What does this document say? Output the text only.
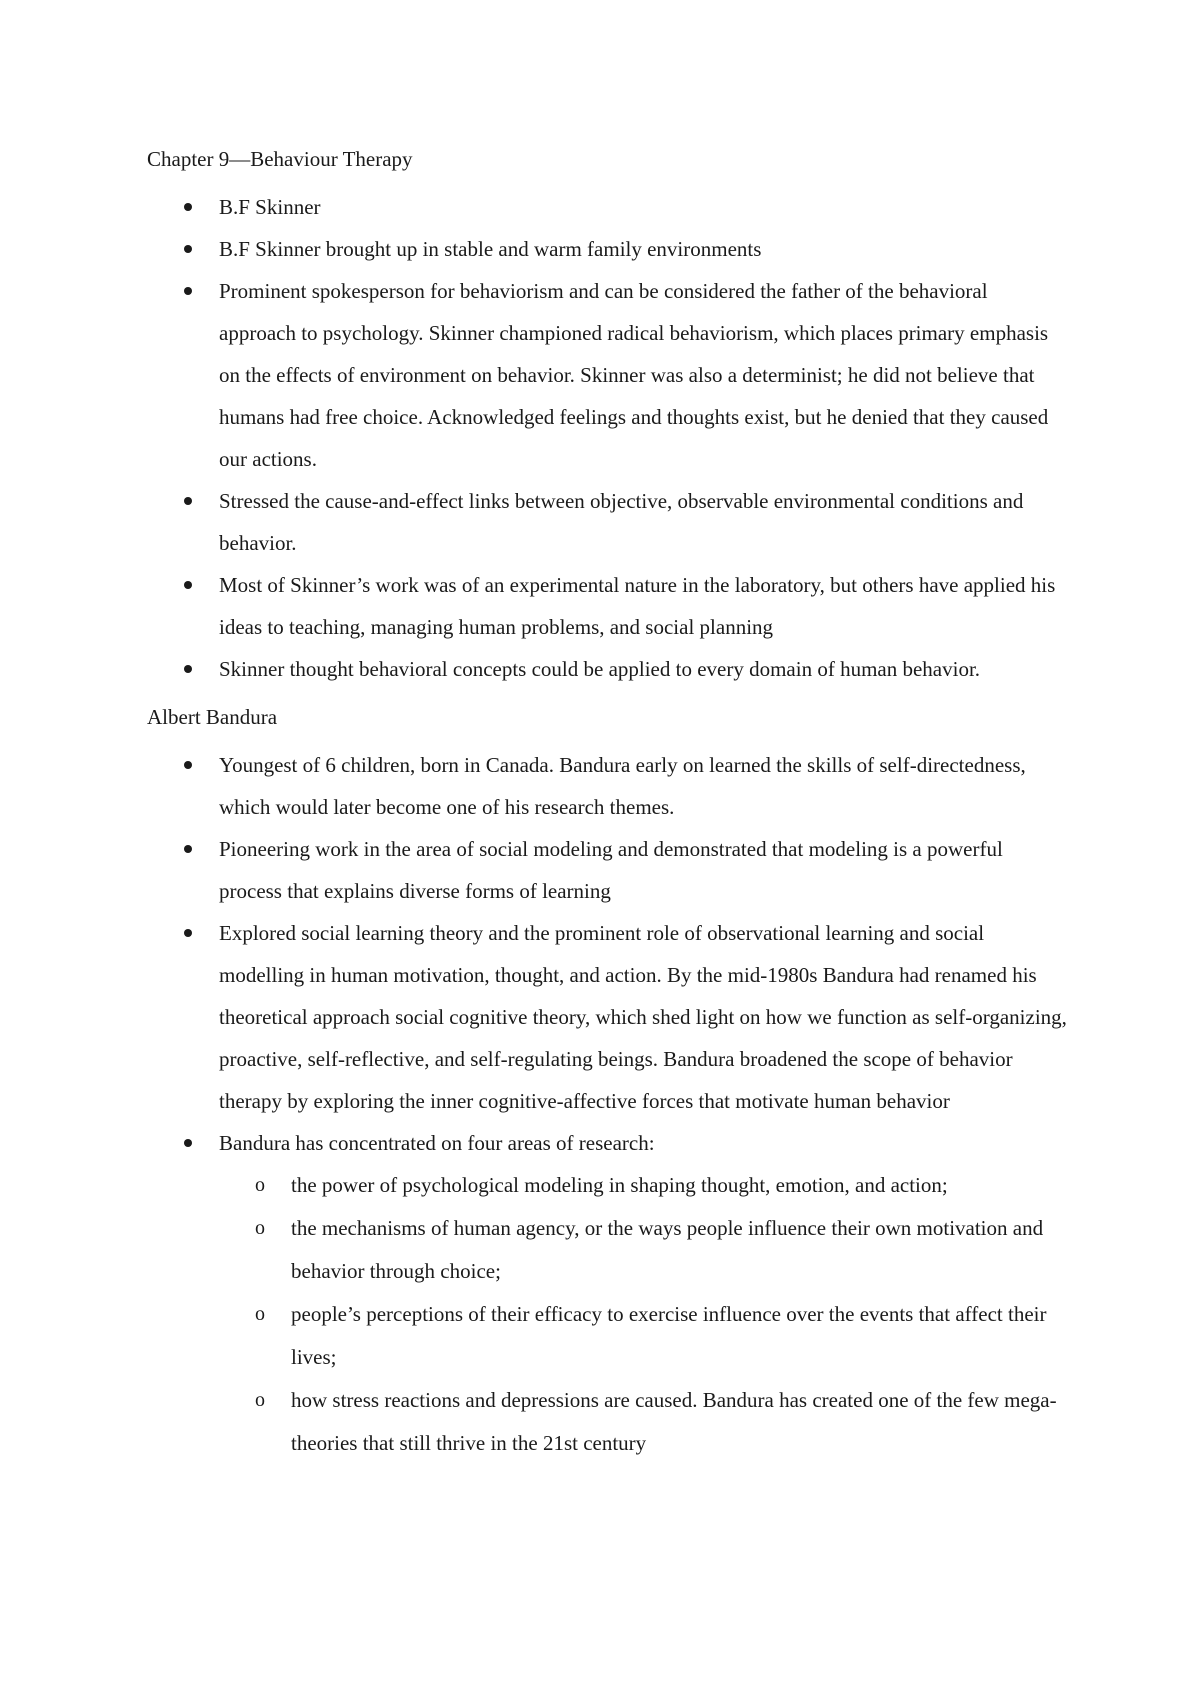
Chapter 9—Behaviour Therapy

B.F Skinner
B.F Skinner brought up in stable and warm family environments
Prominent spokesperson for behaviorism and can be considered the father of the behavioral approach to psychology. Skinner championed radical behaviorism, which places primary emphasis on the effects of environment on behavior. Skinner was also a determinist; he did not believe that humans had free choice. Acknowledged feelings and thoughts exist, but he denied that they caused our actions.
Stressed the cause-and-effect links between objective, observable environmental conditions and behavior.
Most of Skinner’s work was of an experimental nature in the laboratory, but others have applied his ideas to teaching, managing human problems, and social planning
Skinner thought behavioral concepts could be applied to every domain of human behavior.

Albert Bandura

Youngest of 6 children, born in Canada. Bandura early on learned the skills of self-directedness, which would later become one of his research themes.
Pioneering work in the area of social modeling and demonstrated that modeling is a powerful process that explains diverse forms of learning
Explored social learning theory and the prominent role of observational learning and social modelling in human motivation, thought, and action. By the mid-1980s Bandura had renamed his theoretical approach social cognitive theory, which shed light on how we function as self-organizing, proactive, self-reflective, and self-regulating beings. Bandura broadened the scope of behavior therapy by exploring the inner cognitive-affective forces that motivate human behavior
Bandura has concentrated on four areas of research:
o the power of psychological modeling in shaping thought, emotion, and action;
o the mechanisms of human agency, or the ways people influence their own motivation and behavior through choice;
o people’s perceptions of their efficacy to exercise influence over the events that affect their lives;
o how stress reactions and depressions are caused. Bandura has created one of the few mega-theories that still thrive in the 21st century
